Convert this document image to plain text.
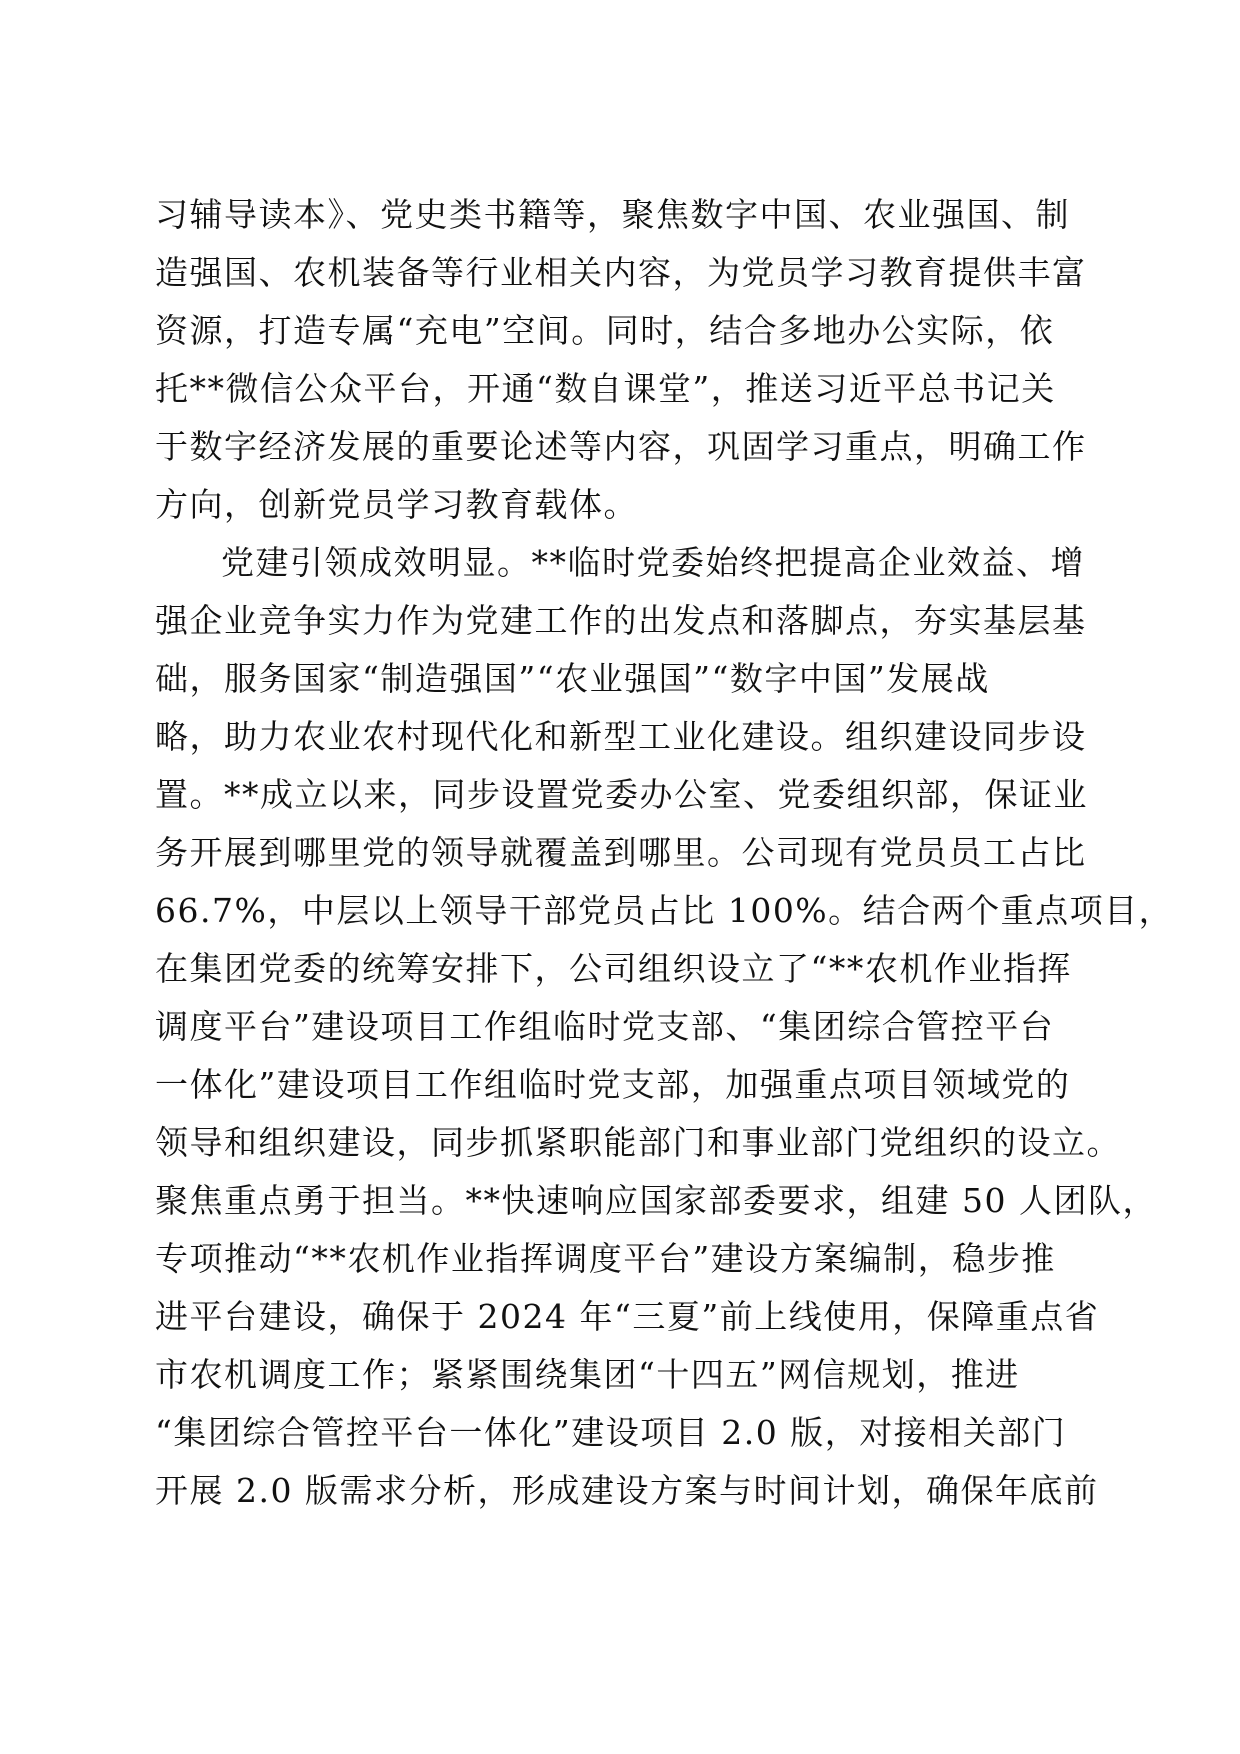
习辅导读本》、党史类书籍等，聚焦数字中国、农业强国、制
造强国、农机装备等行业相关内容，为党员学习教育提供丰富
资源，打造专属“充电”空间。同时，结合多地办公实际，依
托**微信公众平台，开通“数自课堂”，推送习近平总书记关
于数字经济发展的重要论述等内容，巩固学习重点，明确工作
方向，创新党员学习教育载体。
党建引领成效明显。**临时党委始终把提高企业效益、增
强企业竞争实力作为党建工作的出发点和落脚点，夯实基层基
础，服务国家“制造强国”“农业强国”“数字中国”发展战
略，助力农业农村现代化和新型工业化建设。组织建设同步设
置。**成立以来，同步设置党委办公室、党委组织部，保证业
务开展到哪里党的领导就覆盖到哪里。公司现有党员员工占比
66.7%，中层以上领导干部党员占比 100%。结合两个重点项目，
在集团党委的统筹安排下，公司组织设立了“**农机作业指挥
调度平台”建设项目工作组临时党支部、“集团综合管控平台
一体化”建设项目工作组临时党支部，加强重点项目领域党的
领导和组织建设，同步抓紧职能部门和事业部门党组织的设立。
聚焦重点勇于担当。**快速响应国家部委要求，组建 50 人团队，
专项推动“**农机作业指挥调度平台”建设方案编制，稳步推
进平台建设，确保于 2024 年“三夏”前上线使用，保障重点省
市农机调度工作；紧紧围绕集团“十四五”网信规划，推进
“集团综合管控平台一体化”建设项目 2.0 版，对接相关部门
开展 2.0 版需求分析，形成建设方案与时间计划，确保年底前
